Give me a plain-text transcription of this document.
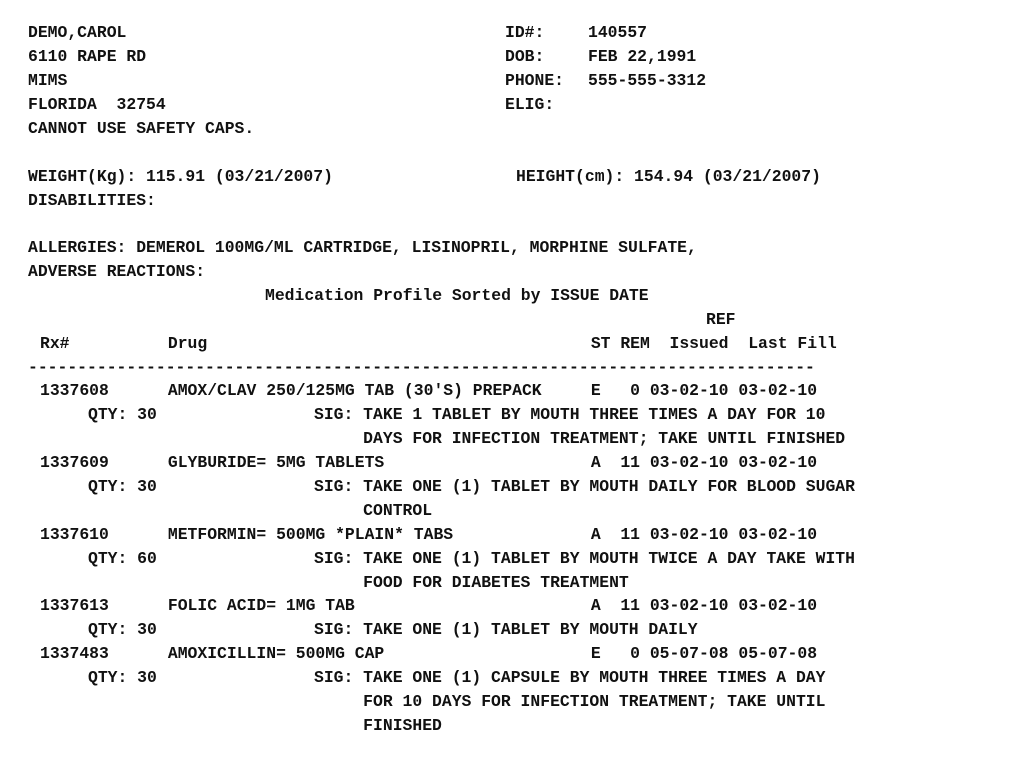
DEMO,CAROL
6110 RAPE RD
MIMS
FLORIDA  32754
CANNOT USE SAFETY CAPS.
ID#:	140557
DOB:	FEB 22,1991
PHONE: 555-555-3312
ELIG:
WEIGHT(Kg): 115.91 (03/21/2007)	HEIGHT(cm): 154.94 (03/21/2007)
DISABILITIES:
ALLERGIES: DEMEROL 100MG/ML CARTRIDGE, LISINOPRIL, MORPHINE SULFATE,
ADVERSE REACTIONS:
Medication Profile Sorted by ISSUE DATE
REF
Rx#          Drug                                       ST REM  Issued  Last Fill
--------------------------------------------------------------------------------
1337608      AMOX/CLAV 250/125MG TAB (30'S) PREPACK     E   0 03-02-10 03-02-10
QTY: 30	SIG: TAKE 1 TABLET BY MOUTH THREE TIMES A DAY FOR 10
DAYS FOR INFECTION TREATMENT; TAKE UNTIL FINISHED
1337609      GLYBURIDE= 5MG TABLETS                     A  11 03-02-10 03-02-10
QTY: 30	SIG: TAKE ONE (1) TABLET BY MOUTH DAILY FOR BLOOD SUGAR
CONTROL
1337610      METFORMIN= 500MG *PLAIN* TABS              A  11 03-02-10 03-02-10
QTY: 60	SIG: TAKE ONE (1) TABLET BY MOUTH TWICE A DAY TAKE WITH
FOOD FOR DIABETES TREATMENT
1337613      FOLIC ACID= 1MG TAB                        A  11 03-02-10 03-02-10
QTY: 30	SIG: TAKE ONE (1) TABLET BY MOUTH DAILY
1337483      AMOXICILLIN= 500MG CAP                     E   0 05-07-08 05-07-08
QTY: 30	SIG: TAKE ONE (1) CAPSULE BY MOUTH THREE TIMES A DAY
FOR 10 DAYS FOR INFECTION TREATMENT; TAKE UNTIL
FINISHED
